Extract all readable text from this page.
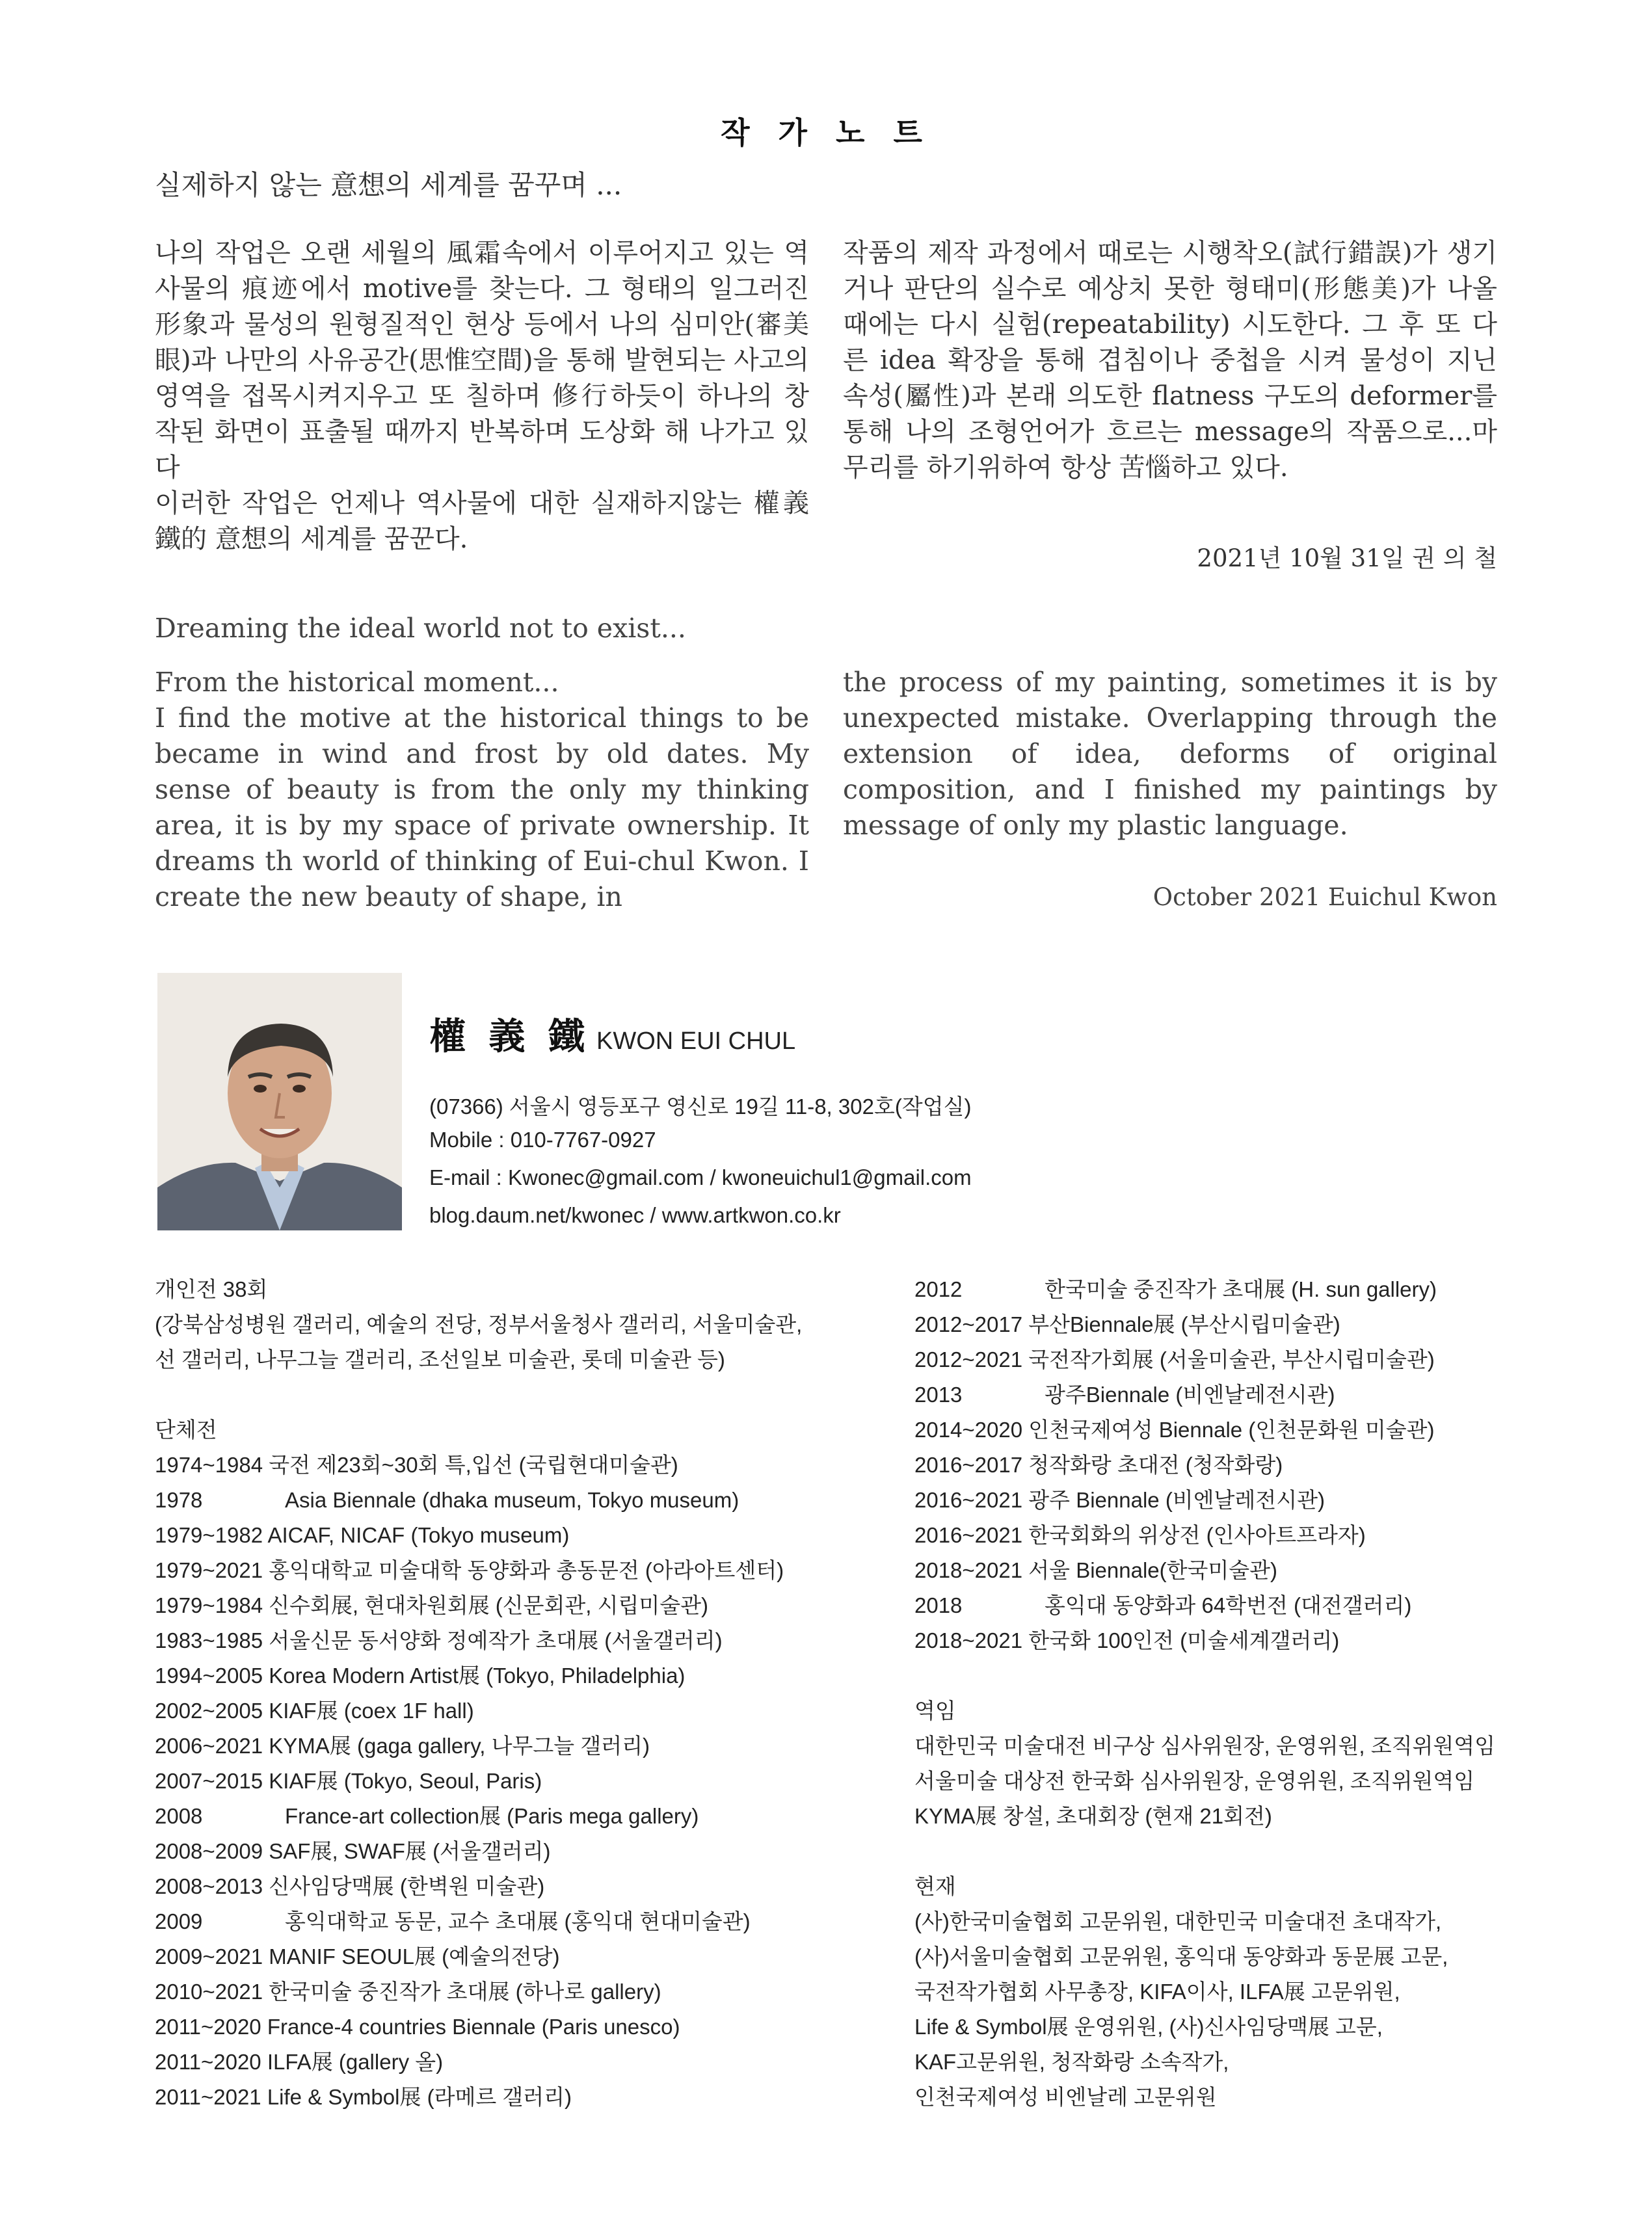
작 가 노 트
실제하지 않는 意想의 세계를 꿈꾸며 ...

나의 작업은 오랜 세월의 風霜속에서 이루어지고 있는 역사물의 痕迹에서 motive를 찾는다. 그 형태의 일그러진 形象과 물성의 원형질적인 현상 등에서 나의 심미안(審美眼)과 나만의 사유공간(思惟空間)을 통해 발현되는 사고의 영역을 접목시켜지우고 또 칠하며 修行하듯이 하나의 창작된 화면이 표출될 때까지 반복하며 도상화 해 나가고 있다

이러한 작업은 언제나 역사물에 대한 실재하지않는 權義鐵的 意想의 세계를 꿈꾼다.

작품의 제작 과정에서 때로는 시행착오(試行錯誤)가 생기거나 판단의 실수로 예상치 못한 형태미(形態美)가 나올 때에는 다시 실험(repeatability) 시도한다. 그 후 또 다른 idea 확장을 통해 겹침이나 중첩을 시켜 물성이 지닌 속성(屬性)과 본래 의도한 flatness 구도의 deformer를 통해 나의 조형언어가 흐르는 message의 작품으로...마무리를 하기위하여 항상 苦惱하고 있다.

2021년 10월 31일 권 의 철
Dreaming the ideal world not to exist...

From the historical moment...

I find the motive at the historical things to be became in wind and frost by old dates. My sense of beauty is from the only my thinking area, it is by my space of private ownership. It dreams th world of thinking of Eui-chul Kwon. I create the new beauty of shape, in

the process of my painting, sometimes it is by unexpected mistake. Overlapping through the extension of idea, deforms of original composition, and I finished my paintings by message of only my plastic language.

October 2021 Euichul Kwon
權 義 鐵 KWON EUI CHUL
(07366) 서울시 영등포구 영신로 19길 11-8, 302호(작업실)
Mobile : 010-7767-0927
E-mail : Kwonec@gmail.com / kwoneuichul1@gmail.com
blog.daum.net/kwonec / www.artkwon.co.kr
개인전 38회
(강북삼성병원 갤러리, 예술의 전당, 정부서울청사 갤러리, 서울미술관,
선 갤러리, 나무그늘 갤러리, 조선일보 미술관, 롯데 미술관 등)
단체전
1974~1984 국전 제23회~30회 특,입선 (국립현대미술관)
1978	Asia Biennale (dhaka museum, Tokyo museum)
1979~1982 AICAF, NICAF (Tokyo museum)
1979~2021 홍익대학교 미술대학 동양화과 총동문전 (아라아트센터)
1979~1984 신수회展, 현대차원회展 (신문회관, 시립미술관)
1983~1985 서울신문 동서양화 정예작가 초대展 (서울갤러리)
1994~2005 Korea Modern Artist展 (Tokyo, Philadelphia)
2002~2005 KIAF展 (coex 1F hall)
2006~2021 KYMA展 (gaga gallery, 나무그늘 갤러리)
2007~2015 KIAF展 (Tokyo, Seoul, Paris)
2008	France-art collection展 (Paris mega gallery)
2008~2009 SAF展, SWAF展 (서울갤러리)
2008~2013 신사임당맥展 (한벽원 미술관)
2009	홍익대학교 동문, 교수 초대展 (홍익대 현대미술관)
2009~2021 MANIF SEOUL展 (예술의전당)
2010~2021 한국미술 중진작가 초대展 (하나로 gallery)
2011~2020 France-4 countries Biennale (Paris unesco)
2011~2020 ILFA展 (gallery 올)
2011~2021 Life & Symbol展 (라메르 갤러리)
2012	한국미술 중진작가 초대展 (H. sun gallery)
2012~2017 부산Biennale展 (부산시립미술관)
2012~2021 국전작가회展 (서울미술관, 부산시립미술관)
2013	광주Biennale (비엔날레전시관)
2014~2020 인천국제여성 Biennale (인천문화원 미술관)
2016~2017 청작화랑 초대전 (청작화랑)
2016~2021 광주 Biennale (비엔날레전시관)
2016~2021 한국회화의 위상전 (인사아트프라자)
2018~2021 서울 Biennale(한국미술관)
2018	홍익대 동양화과 64학번전 (대전갤러리)
2018~2021 한국화 100인전 (미술세계갤러리)
역임
대한민국 미술대전 비구상 심사위원장, 운영위원, 조직위원역임
서울미술 대상전 한국화 심사위원장, 운영위원, 조직위원역임
KYMA展 창설, 초대회장 (현재 21회전)
현재
(사)한국미술협회 고문위원, 대한민국 미술대전 초대작가,
(사)서울미술협회 고문위원, 홍익대 동양화과 동문展 고문,
국전작가협회 사무총장, KIFA이사, ILFA展 고문위원,
Life & Symbol展 운영위원, (사)신사임당맥展 고문,
KAF고문위원, 청작화랑 소속작가,
인천국제여성 비엔날레 고문위원
